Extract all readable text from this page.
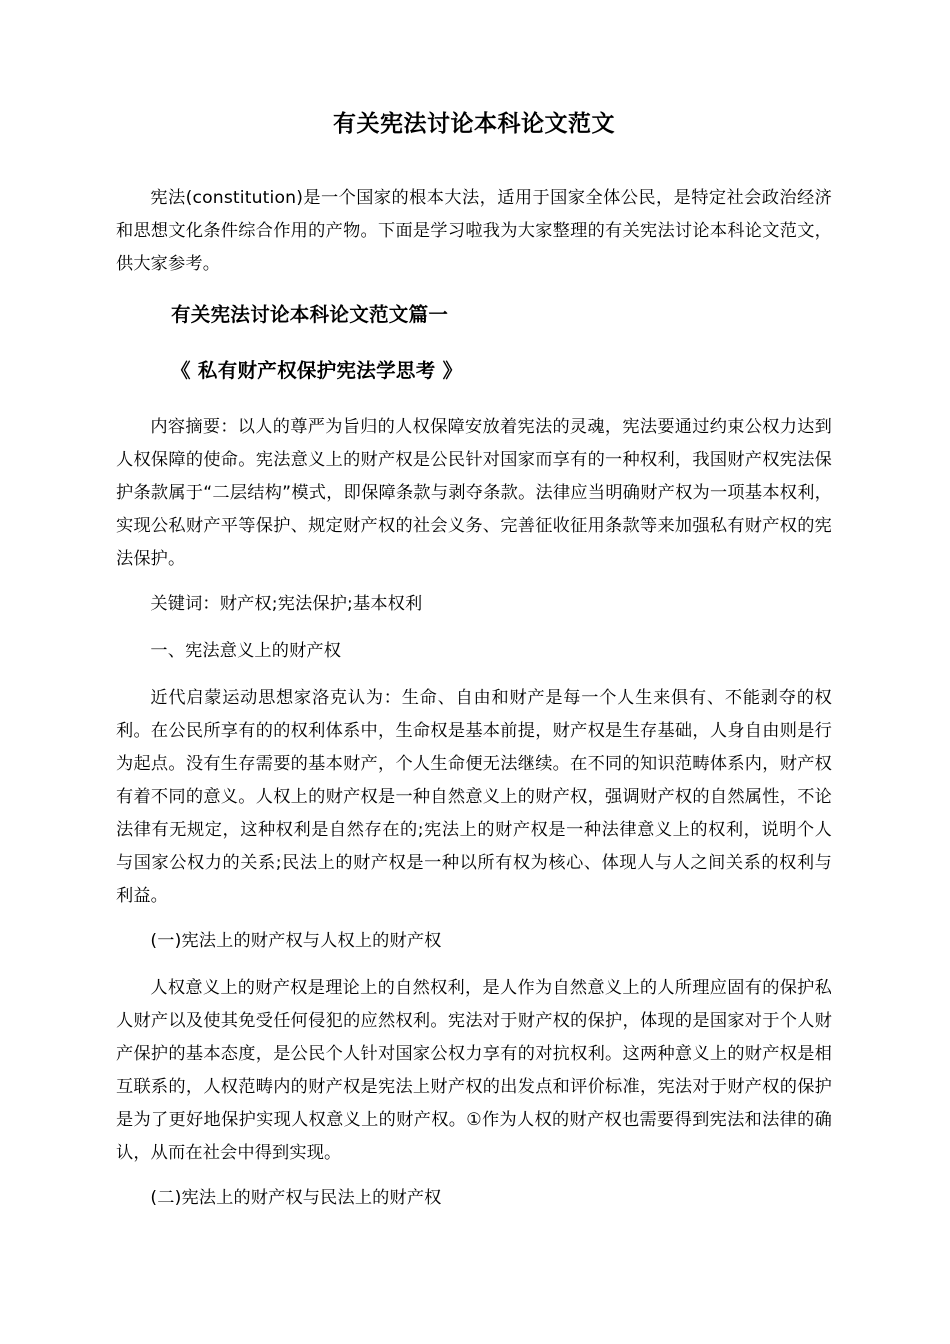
有关宪法讨论本科论文范文

宪法(constitution)是一个国家的根本大法，适用于国家全体公民，是特定社会政治经济和思想文化条件综合作用的产物。下面是学习啦我为大家整理的有关宪法讨论本科论文范文，供大家参考。

有关宪法讨论本科论文范文篇一
《 私有财产权保护宪法学思考 》

内容摘要：以人的尊严为旨归的人权保障安放着宪法的灵魂，宪法要通过约束公权力达到人权保障的使命。宪法意义上的财产权是公民针对国家而享有的一种权利，我国财产权宪法保护条款属于“二层结构”模式，即保障条款与剥夺条款。法律应当明确财产权为一项基本权利，实现公私财产平等保护、规定财产权的社会义务、完善征收征用条款等来加强私有财产权的宪法保护。

关键词：财产权;宪法保护;基本权利

一、宪法意义上的财产权

近代启蒙运动思想家洛克认为：生命、自由和财产是每一个人生来俱有、不能剥夺的权利。在公民所享有的的权利体系中，生命权是基本前提，财产权是生存基础，人身自由则是行为起点。没有生存需要的基本财产，个人生命便无法继续。在不同的知识范畴体系内，财产权有着不同的意义。人权上的财产权是一种自然意义上的财产权，强调财产权的自然属性，不论法律有无规定，这种权利是自然存在的;宪法上的财产权是一种法律意义上的权利，说明个人与国家公权力的关系;民法上的财产权是一种以所有权为核心、体现人与人之间关系的权利与利益。

(一)宪法上的财产权与人权上的财产权

人权意义上的财产权是理论上的自然权利，是人作为自然意义上的人所理应固有的保护私人财产以及使其免受任何侵犯的应然权利。宪法对于财产权的保护，体现的是国家对于个人财产保护的基本态度，是公民个人针对国家公权力享有的对抗权利。这两种意义上的财产权是相互联系的，人权范畴内的财产权是宪法上财产权的出发点和评价标准，宪法对于财产权的保护是为了更好地保护实现人权意义上的财产权。①作为人权的财产权也需要得到宪法和法律的确认，从而在社会中得到实现。

(二)宪法上的财产权与民法上的财产权
